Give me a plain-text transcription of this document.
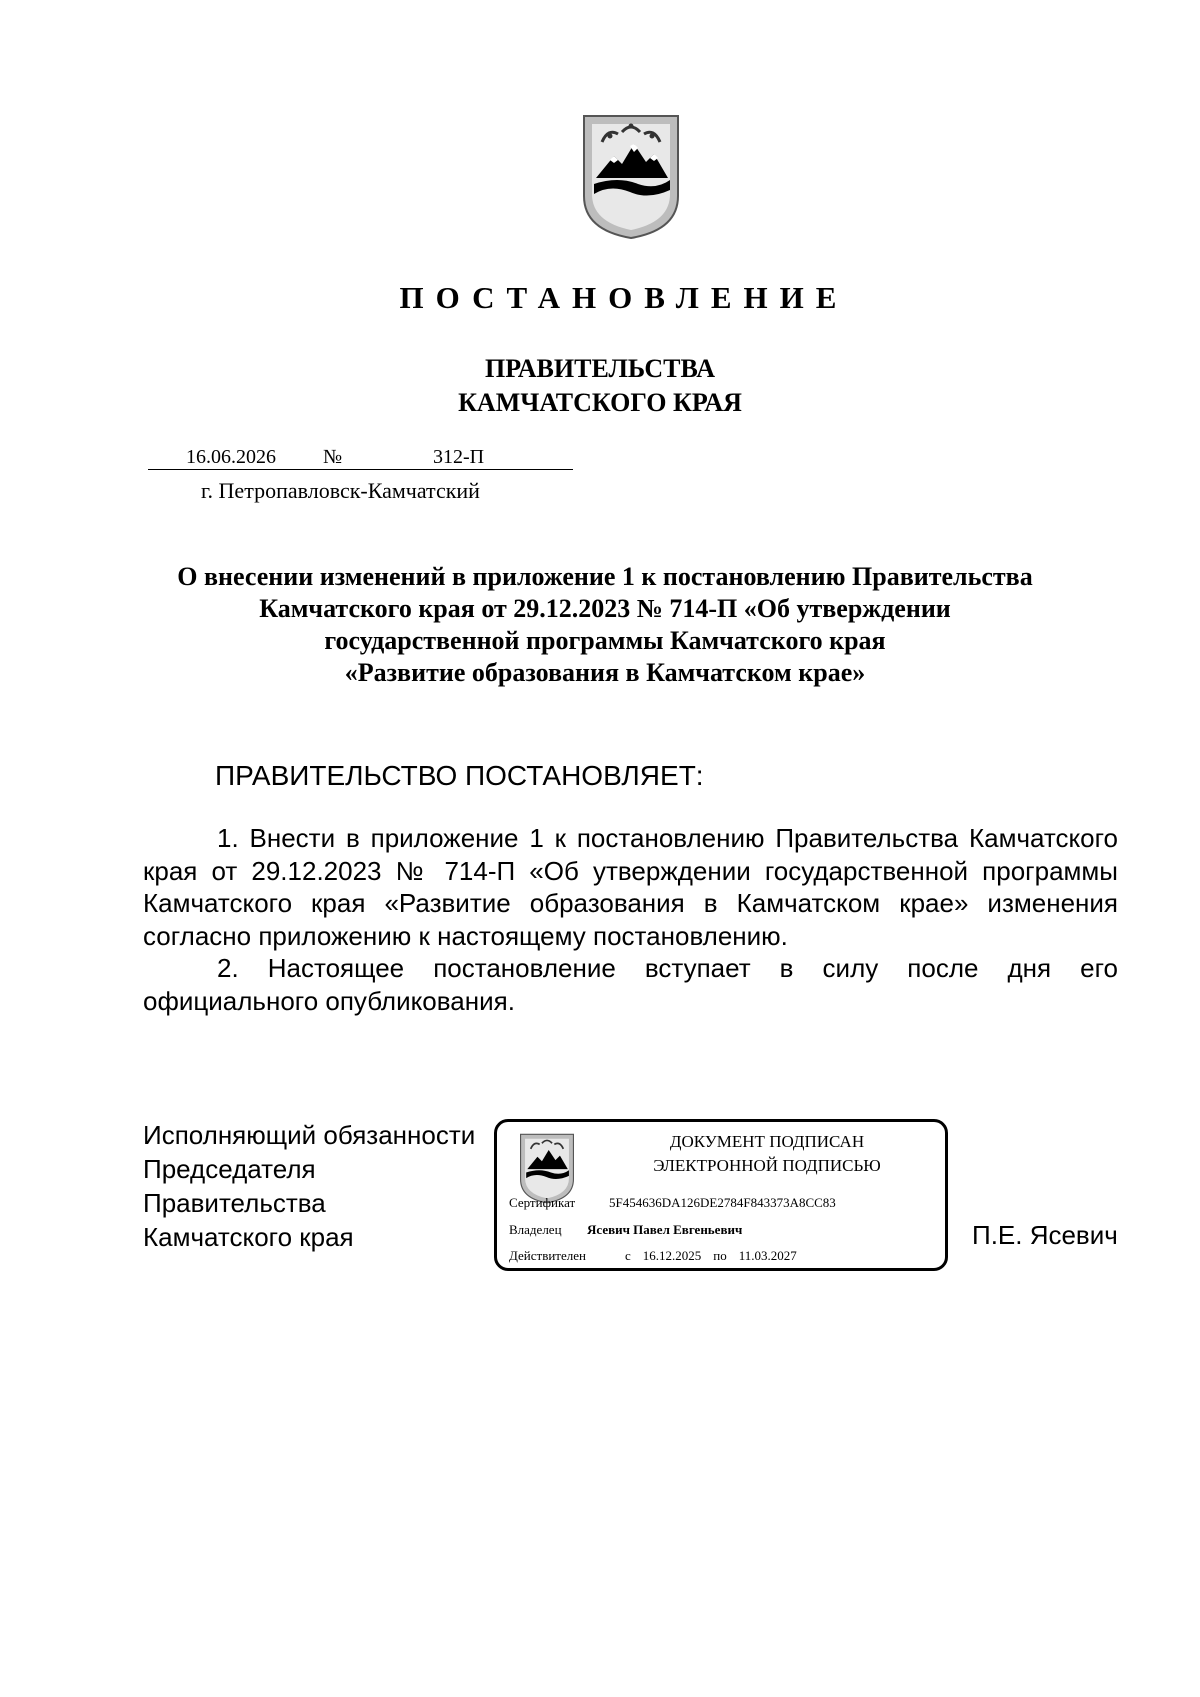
ПОСТАНОВЛЕНИЕ
ПРАВИТЕЛЬСТВА
КАМЧАТСКОГО КРАЯ
16.06.2026 №	312-П
г. Петропавловск-Камчатский
О внесении изменений в приложение 1 к постановлению Правительства
Камчатского края от 29.12.2023 № 714-П «Об утверждении
государственной программы Камчатского края
«Развитие образования в Камчатском крае»
ПРАВИТЕЛЬСТВО ПОСТАНОВЛЯЕТ:

1. Внести в приложение 1 к постановлению Правительства Камчатского края от 29.12.2023 № 714-П «Об утверждении государственной программы Камчатского края «Развитие образования в Камчатском крае» изменения согласно приложению к настоящему постановлению.

2. Настоящее постановление вступает в силу после дня его официального опубликования.

Исполняющий обязанности
Председателя
Правительства
Камчатского края
ДОКУМЕНТ ПОДПИСАН
ЭЛЕКТРОННОЙ ПОДПИСЬЮ
Сертификат	5F454636DA126DE2784F843373A8CC83
Владелец Ясевич Павел Евгеньевич
Действителен	с 16.12.2025 по 11.03.2027
П.Е. Ясевич
